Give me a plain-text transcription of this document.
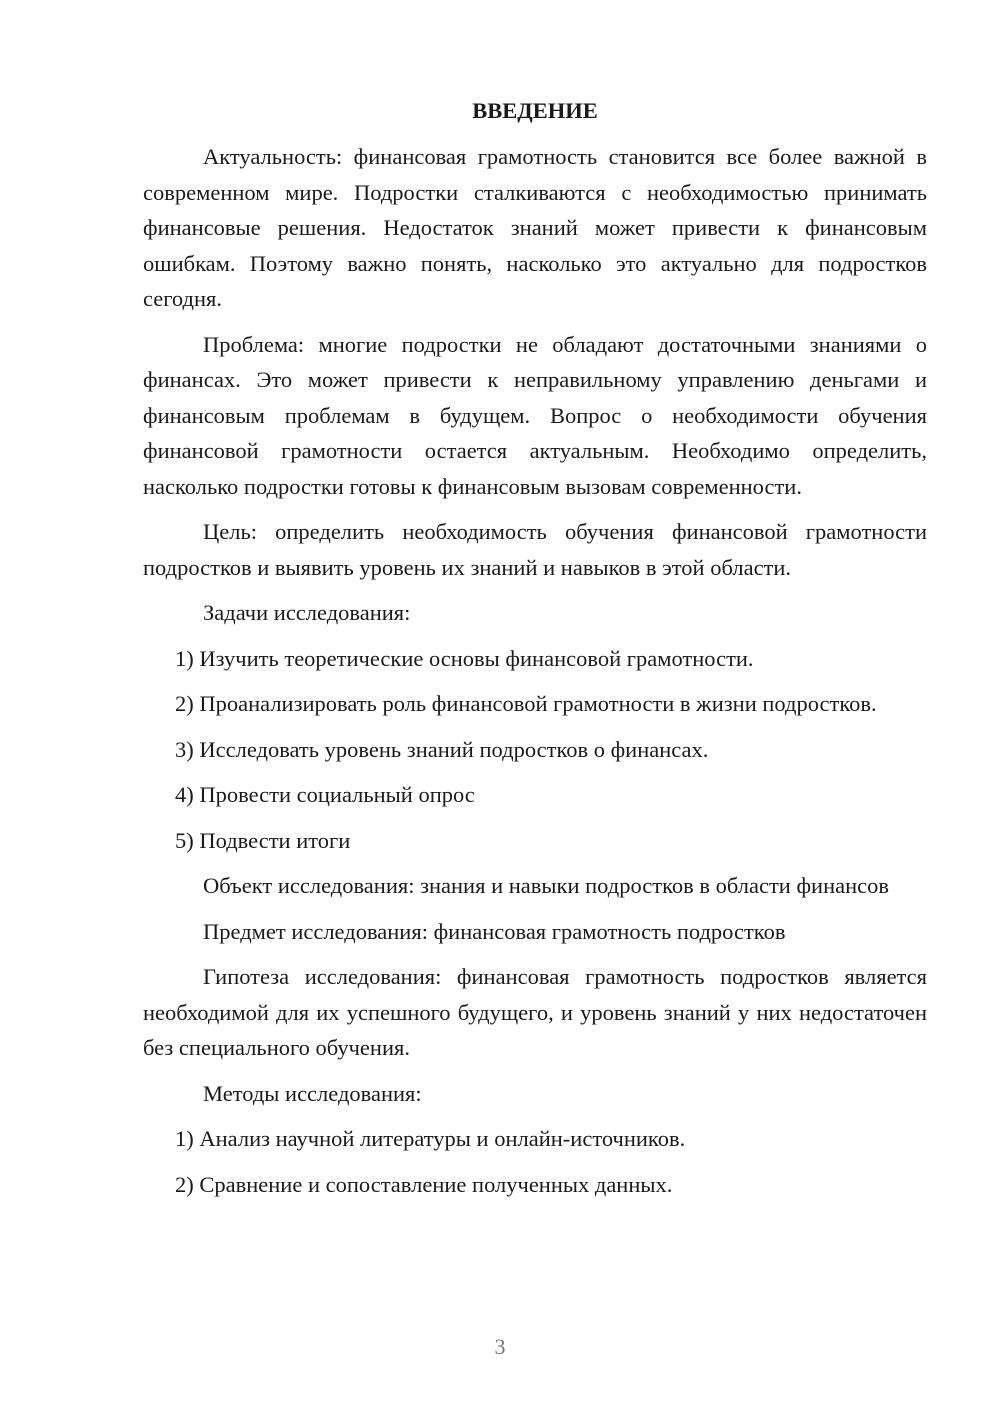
ВВЕДЕНИЕ

Актуальность: финансовая грамотность становится все более важной в современном мире. Подростки сталкиваются с необходимостью принимать финансовые решения. Недостаток знаний может привести к финансовым ошибкам. Поэтому важно понять, насколько это актуально для подростков сегодня.

Проблема: многие подростки не обладают достаточными знаниями о финансах. Это может привести к неправильному управлению деньгами и финансовым проблемам в будущем. Вопрос о необходимости обучения финансовой грамотности остается актуальным. Необходимо определить, насколько подростки готовы к финансовым вызовам современности.

Цель: определить необходимость обучения финансовой грамотности подростков и выявить уровень их знаний и навыков в этой области.

Задачи исследования:

1) Изучить теоретические основы финансовой грамотности.

2) Проанализировать роль финансовой грамотности в жизни подростков.

3) Исследовать уровень знаний подростков о финансах.

4) Провести социальный опрос

5) Подвести итоги

Объект исследования: знания и навыки подростков в области финансов

Предмет исследования: финансовая грамотность подростков

Гипотеза исследования: финансовая грамотность подростков является необходимой для их успешного будущего, и уровень знаний у них недостаточен без специального обучения.

Методы исследования:

1) Анализ научной литературы и онлайн-источников.

2) Сравнение и сопоставление полученных данных.

3
